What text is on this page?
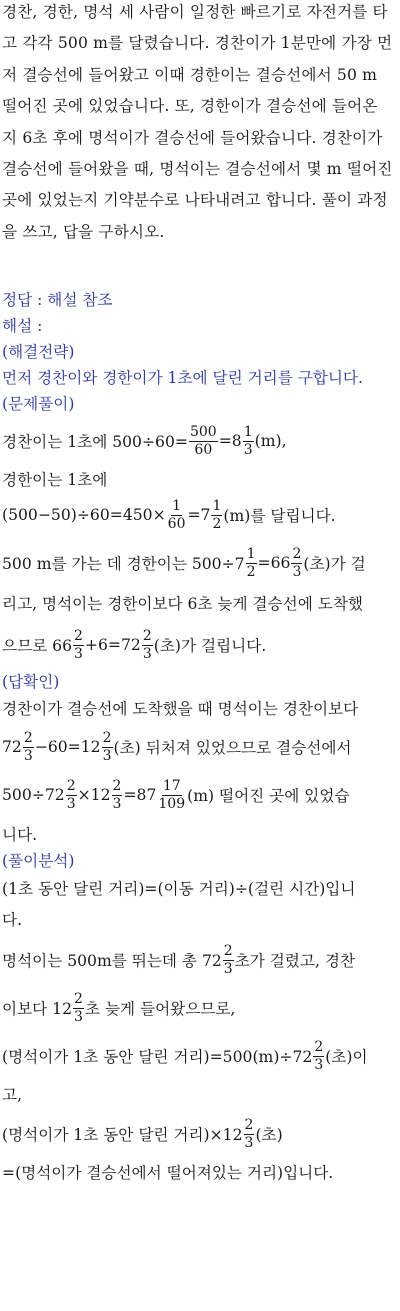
경찬, 경한, 명석 세 사람이 일정한 빠르기로 자전거를 타고 각각 500 m를 달렸습니다. 경찬이가 1분만에 가장 먼저 결승선에 들어왔고 이때 경한이는 결승선에서 50 m 떨어진 곳에 있었습니다. 또, 경한이가 결승선에 들어온 지 6초 후에 명석이가 결승선에 들어왔습니다. 경찬이가 결승선에 들어왔을 때, 명석이는 결승선에서 몇 m 떨어진 곳에 있었는지 기약분수로 나타내려고 합니다. 풀이 과정을 쓰고, 답을 구하시오.
정답 : 해설 참조
해설 :
(해결전략)
먼저 경찬이와 경한이가 1초에 달린 거리를 구합니다.
(문제풀이)
경찬이는 1초에 $500\div 60= \frac{500}{60} =8$
1
3 (m),
경한이는 1초에
$(500-50)\div 60=450\times \frac{1}{60} =7$
1
2 (m)를 달립니다.
500 m를 가는 데 경한이는 $500\div 7 \frac{1}{2} =66$
2
3 (초)가 걸
리고, 명석이는 경한이보다 6초 늦게 결승선에 도착했
으므로 66
2
3 +6=72
2
3 (초)가 걸립니다.
(답확인)
경찬이가 결승선에 도착했을 때 명석이는 경찬이보다
72
2
3 −60=12
2
3 (초) 뒤처져 있었으므로 결승선에서
$500\div 72 \frac{2}{3} \times 12 \frac{2}{3} =87$
17
109 (m) 떨어진 곳에 있었습
니다.
(풀이분석)
(1초 동안 달린 거리)=(이동 거리)÷(걸린 시간)입니
다.
명석이는 500m를 뛰는데 총 72
2
3 초가 걸렸고, 경찬
이보다 12
2
3 초 늦게 들어왔으므로,
(명석이가 1초 동안 달린 거리)=500(m)÷72
2
3 (초)이
고,
(명석이가 1초 동안 달린 거리)×12
2
3 (초)
=(명석이가 결승선에서 떨어져있는 거리)입니다.
